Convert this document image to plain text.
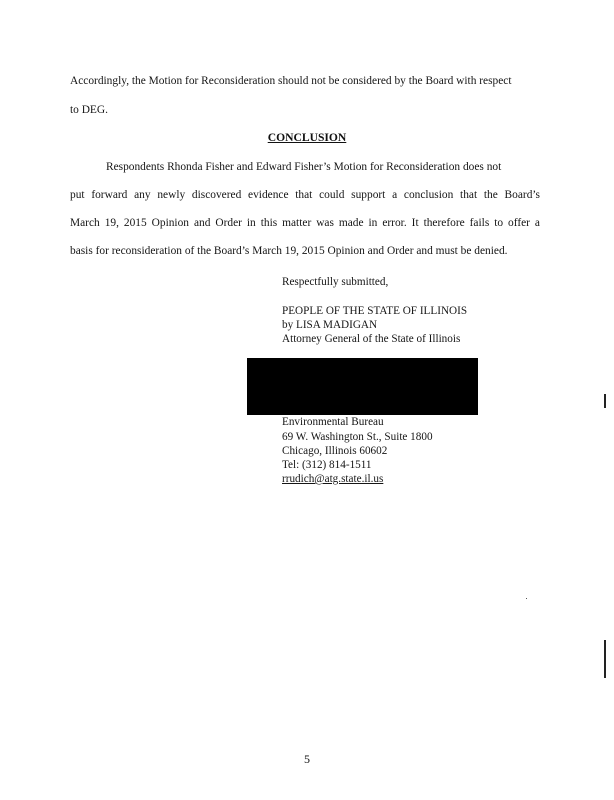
Accordingly, the Motion for Reconsideration should not be considered by the Board with respect
to DEG.
CONCLUSION
Respondents Rhonda Fisher and Edward Fisher’s Motion for Reconsideration does not
put forward any newly discovered evidence that could support a conclusion that the Board’s
March 19, 2015 Opinion and Order in this matter was made in error. It therefore fails to offer a
basis for reconsideration of the Board’s March 19, 2015 Opinion and Order and must be denied.
Respectfully submitted,
PEOPLE OF THE STATE OF ILLINOIS
by LISA MADIGAN
Attorney General of the State of Illinois
Environmental Bureau
69 W. Washington St., Suite 1800
Chicago, Illinois 60602
Tel: (312) 814-1511
rrudich@atg.state.il.us
5
